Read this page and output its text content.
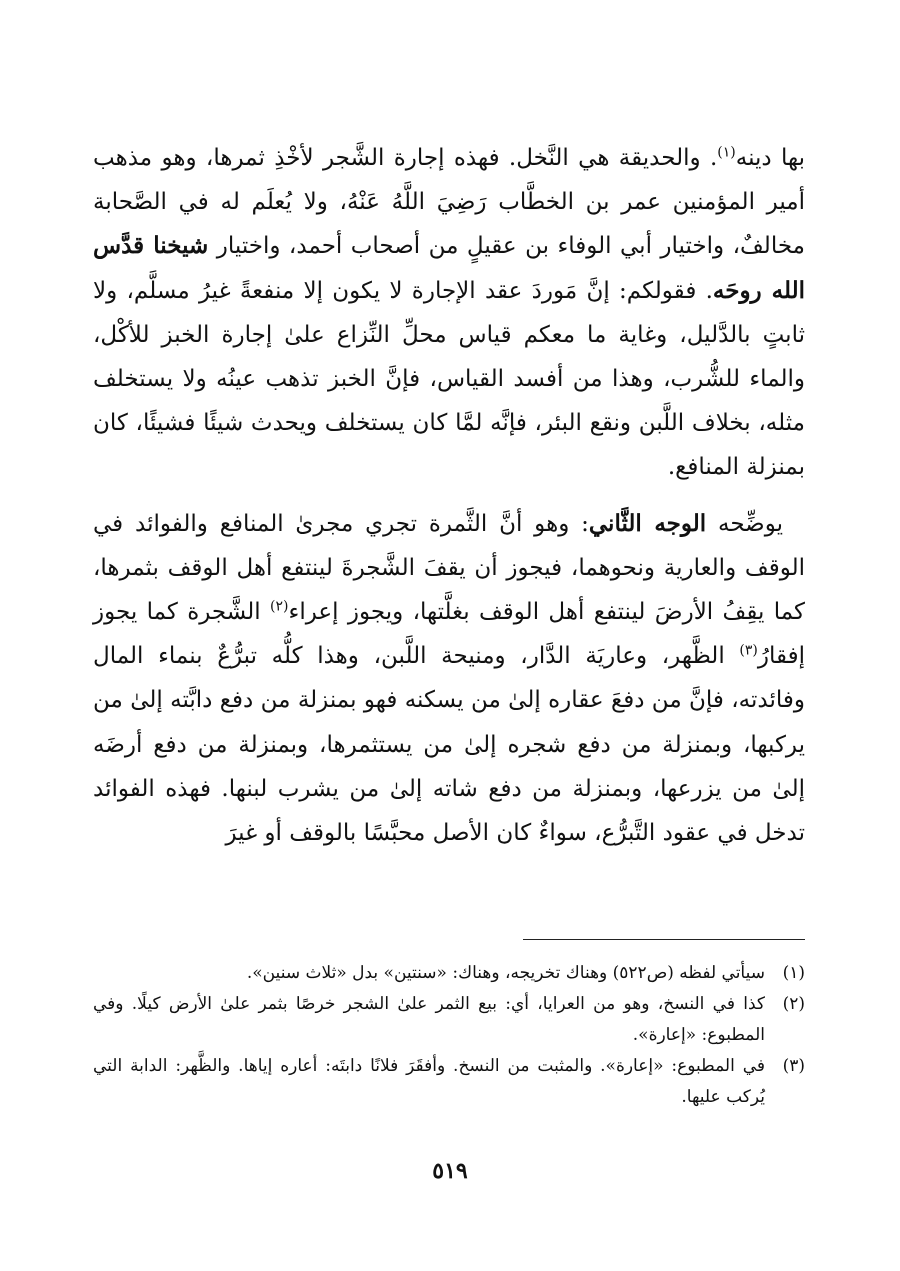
بها دينه$^{(١)}$. والحديقة هي النَّخل. فهذه إجارة الشَّجر لأخْذِ ثمرها، وهو مذهب أمير المؤمنين عمر بن الخطَّاب رَضِيَ اللَّهُ عَنْهُ، ولا يُعلَم له في الصَّحابة مخالفٌ، واختيار أبي الوفاء بن عقيلٍ من أصحاب أحمد، واختيار شيخنا قدَّس الله روحَه. فقولكم: إنَّ مَوردَ عقد الإجارة لا يكون إلا منفعةً غيرُ مسلَّم، ولا ثابتٍ بالدَّليل، وغاية ما معكم قياس محلِّ النِّزاع علىٰ إجارة الخبز للأكْل، والماء للشُّرب، وهذا من أفسد القياس، فإنَّ الخبز تذهب عينُه ولا يستخلف مثله، بخلاف اللَّبن ونقع البئر، فإنَّه لمَّا كان يستخلف ويحدث شيئًا فشيئًا، كان بمنزلة المنافع.

يوضِّحه الوجه الثَّاني: وهو أنَّ الثَّمرة تجري مجرىٰ المنافع والفوائد في الوقف والعارية ونحوهما، فيجوز أن يقفَ الشَّجرةَ لينتفع أهل الوقف بثمرها، كما يقِفُ الأرضَ لينتفع أهل الوقف بغلَّتها، ويجوز إعراء$^{(٢)}$ الشَّجرة كما يجوز إفقارُ$^{(٣)}$ الظَّهر، وعاريَة الدَّار، ومنيحة اللَّبن، وهذا كلُّه تبرُّعٌ بنماء المال وفائدته، فإنَّ من دفعَ عقاره إلىٰ من يسكنه فهو بمنزلة من دفع دابَّته إلىٰ من يركبها، وبمنزلة من دفع شجره إلىٰ من يستثمرها، وبمنزلة من دفع أرضَه إلىٰ من يزرعها، وبمنزلة من دفع شاته إلىٰ من يشرب لبنها. فهذه الفوائد تدخل في عقود التَّبرُّع، سواءٌ كان الأصل محبَّسًا بالوقف أو غيرَ

(١)
سيأتي لفظه (ص٥٢٢) وهناك تخريجه، وهناك: «سنتين» بدل «ثلاث سنين».
(٢)
كذا في النسخ، وهو من العرايا، أي: بيع الثمر علىٰ الشجر خرصًا بثمر علىٰ الأرض كيلًا. وفي المطبوع: «إعارة».
(٣)
في المطبوع: «إعارة». والمثبت من النسخ. وأفقَرَ فلانًا دابتَه: أعاره إياها. والظَّهر: الدابة التي يُركب عليها.
٥١٩
